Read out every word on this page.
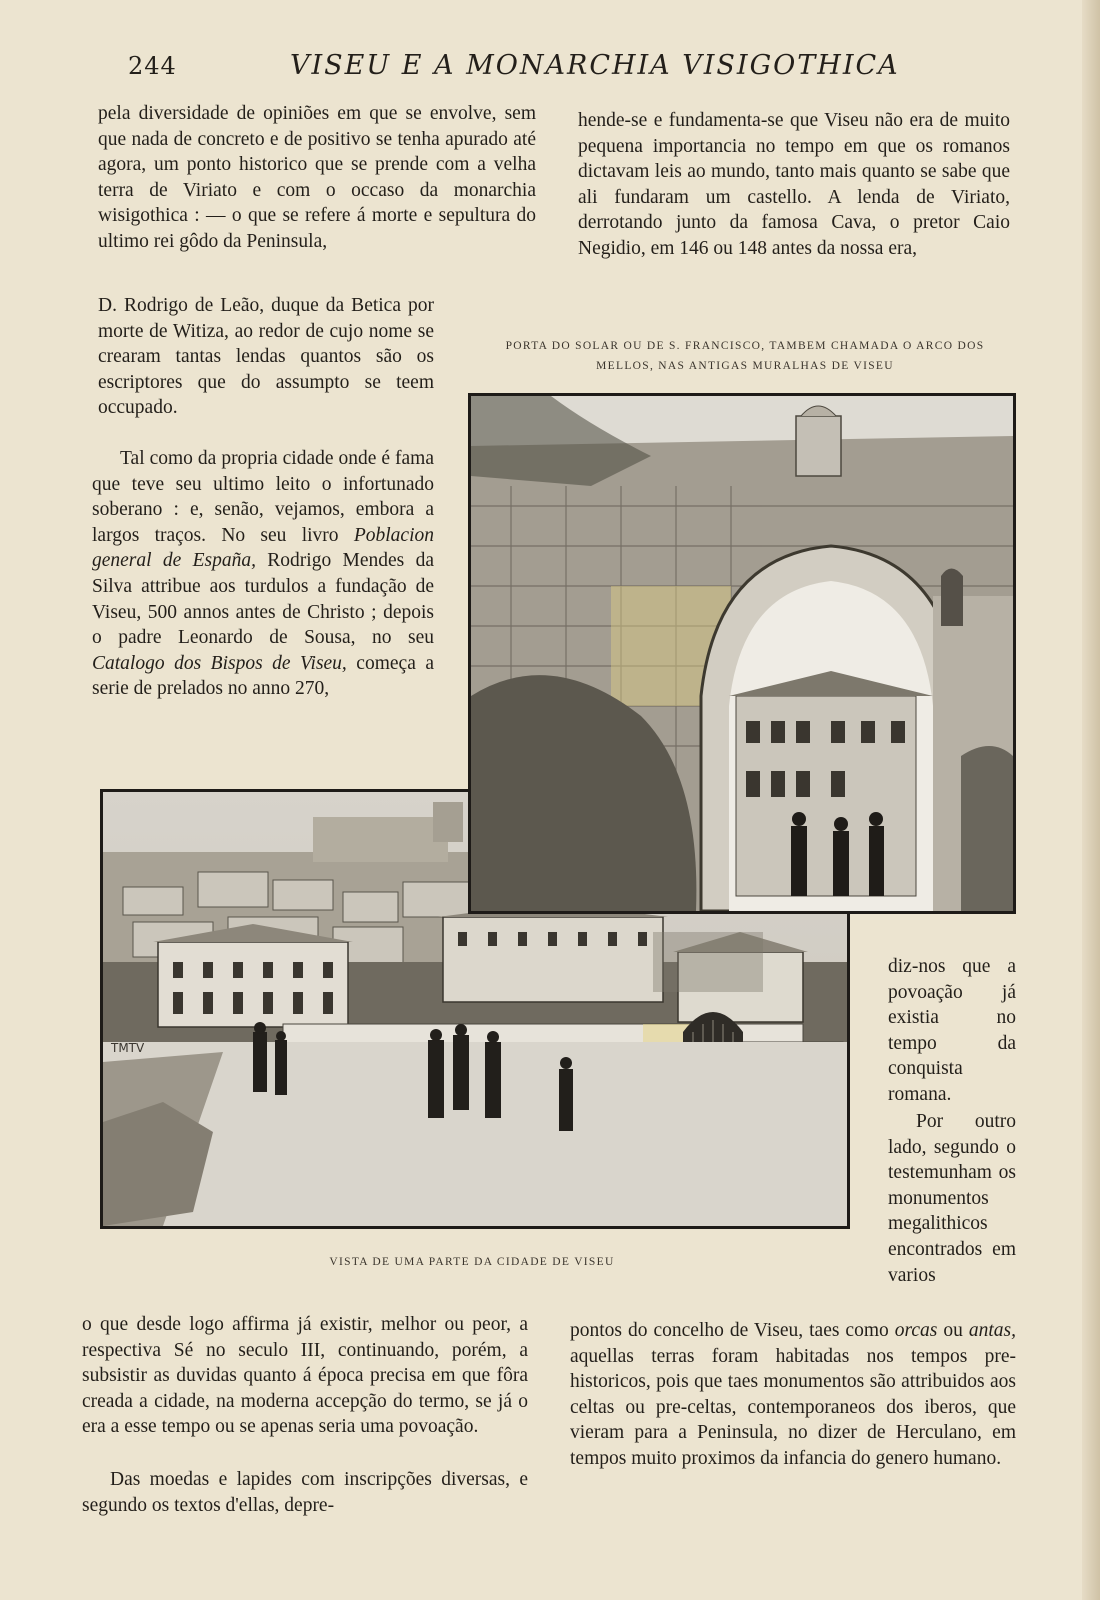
244	VISEU E A MONARCHIA VISIGOTHICA

pela diversidade de opiniões em que se envolve, sem que nada de concreto e de positivo se tenha apurado até agora, um ponto historico que se prende com a velha terra de Viriato e com o occaso da monarchia wisigothica : — o que se refere á morte e sepultura do ultimo rei gôdo da Peninsula,

D. Rodrigo de Leão, duque da Betica por morte de Witiza, ao redor de cujo nome se crearam tantas lendas quantos são os escriptores que do assumpto se teem occupado.

Tal como da propria cidade onde é fama que teve seu ultimo leito o infortunado soberano : e, senão, vejamos, embora a largos traços. No seu livro Poblacion general de España, Rodrigo Mendes da Silva attribue aos turdulos a fundação de Viseu, 500 annos antes de Christo ; depois o padre Leonardo de Sousa, no seu Catalogo dos Bispos de Viseu, começa a serie de prelados no anno 270,

hende-se e fundamenta-se que Viseu não era de muito pequena importancia no tempo em que os romanos dictavam leis ao mundo, tanto mais quanto se sabe que ali fundaram um castello. A lenda de Viriato, derrotando junto da famosa Cava, o pretor Caio Negidio, em 146 ou 148 antes da nossa era,

PORTA DO SOLAR OU DE S. FRANCISCO, TAMBEM CHAMADA O ARCO DOS MELLOS, NAS ANTIGAS MURALHAS DE VISEU
TMTV
VISTA DE UMA PARTE DA CIDADE DE VISEU

diz-nos que a povoação já existia no tempo da conquista romana.

Por outro lado, segundo o testemunham os monumentos megalithicos encontrados em varios

o que desde logo affirma já existir, melhor ou peor, a respectiva Sé no seculo III, continuando, porém, a subsistir as duvidas quanto á época precisa em que fôra creada a cidade, na moderna accepção do termo, se já o era a esse tempo ou se apenas seria uma povoação.

Das moedas e lapides com inscripções diversas, e segundo os textos d'ellas, depre-

pontos do concelho de Viseu, taes como orcas ou antas, aquellas terras foram habitadas nos tempos pre-historicos, pois que taes monumentos são attribuidos aos celtas ou pre-celtas, contemporaneos dos iberos, que vieram para a Peninsula, no dizer de Herculano, em tempos muito proximos da infancia do genero humano.
